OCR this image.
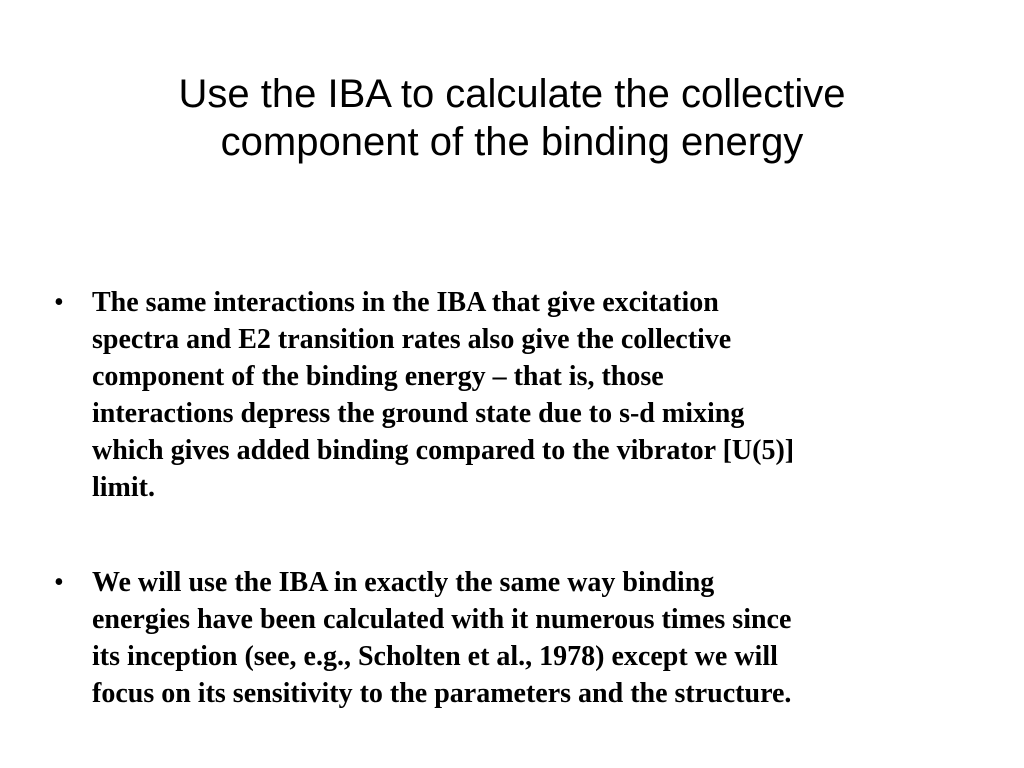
Use the IBA to calculate the collective
component of the binding energy
• The same interactions in the IBA that give excitation
spectra and E2 transition rates also give the collective
component of the binding energy – that is, those
interactions depress the ground state due to s-d mixing
which gives added binding compared to the vibrator [U(5)]
limit.
• We will use the IBA in exactly the same way binding
energies have been calculated with it numerous times since
its inception (see, e.g., Scholten et al., 1978) except we will
focus on its sensitivity to the parameters and the structure.
